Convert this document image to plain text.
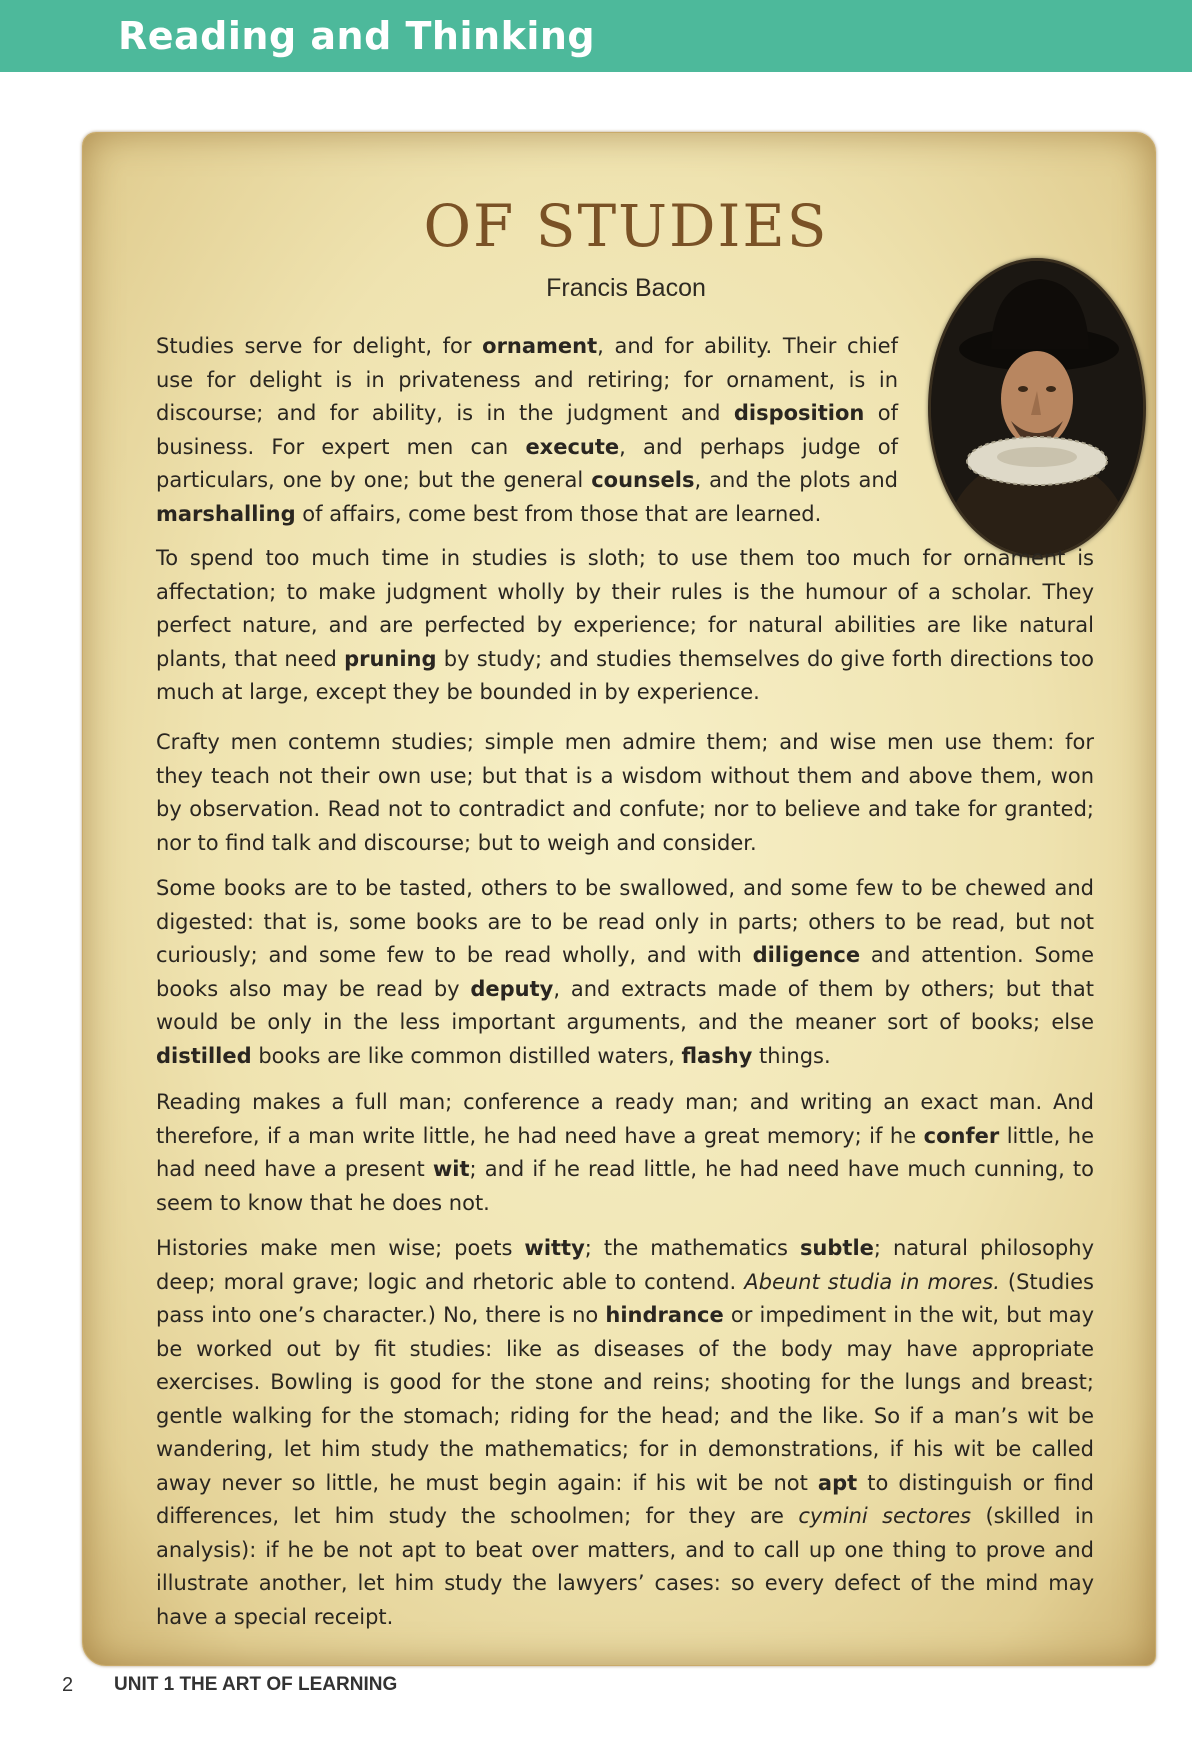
Reading and Thinking
OF STUDIES
Francis Bacon

Studies serve for delight, for ornament, and for ability. Their chief use for delight is in privateness and retiring; for ornament, is in discourse; and for ability, is in the judgment and disposition of business. For expert men can execute, and perhaps judge of particulars, one by one; but the general counsels, and the plots and marshalling of affairs, come best from those that are learned.

To spend too much time in studies is sloth; to use them too much for ornament is affectation; to make judgment wholly by their rules is the humour of a scholar. They perfect nature, and are perfected by experience; for natural abilities are like natural plants, that need pruning by study; and studies themselves do give forth directions too much at large, except they be bounded in by experience.

Crafty men contemn studies; simple men admire them; and wise men use them: for they teach not their own use; but that is a wisdom without them and above them, won by observation. Read not to contradict and confute; nor to believe and take for granted; nor to find talk and discourse; but to weigh and consider.

Some books are to be tasted, others to be swallowed, and some few to be chewed and digested: that is, some books are to be read only in parts; others to be read, but not curiously; and some few to be read wholly, and with diligence and attention. Some books also may be read by deputy, and extracts made of them by others; but that would be only in the less important arguments, and the meaner sort of books; else distilled books are like common distilled waters, flashy things.

Reading makes a full man; conference a ready man; and writing an exact man. And therefore, if a man write little, he had need have a great memory; if he confer little, he had need have a present wit; and if he read little, he had need have much cunning, to seem to know that he does not.

Histories make men wise; poets witty; the mathematics subtle; natural philosophy deep; moral grave; logic and rhetoric able to contend. Abeunt studia in mores. (Studies pass into one’s character.) No, there is no hindrance or impediment in the wit, but may be worked out by fit studies: like as diseases of the body may have appropriate exercises. Bowling is good for the stone and reins; shooting for the lungs and breast; gentle walking for the stomach; riding for the head; and the like. So if a man’s wit be wandering, let him study the mathematics; for in demonstrations, if his wit be called away never so little, he must begin again: if his wit be not apt to distinguish or find differences, let him study the schoolmen; for they are cymini sectores (skilled in analysis): if he be not apt to beat over matters, and to call up one thing to prove and illustrate another, let him study the lawyers’ cases: so every defect of the mind may have a special receipt.

2 UNIT 1 THE ART OF LEARNING
